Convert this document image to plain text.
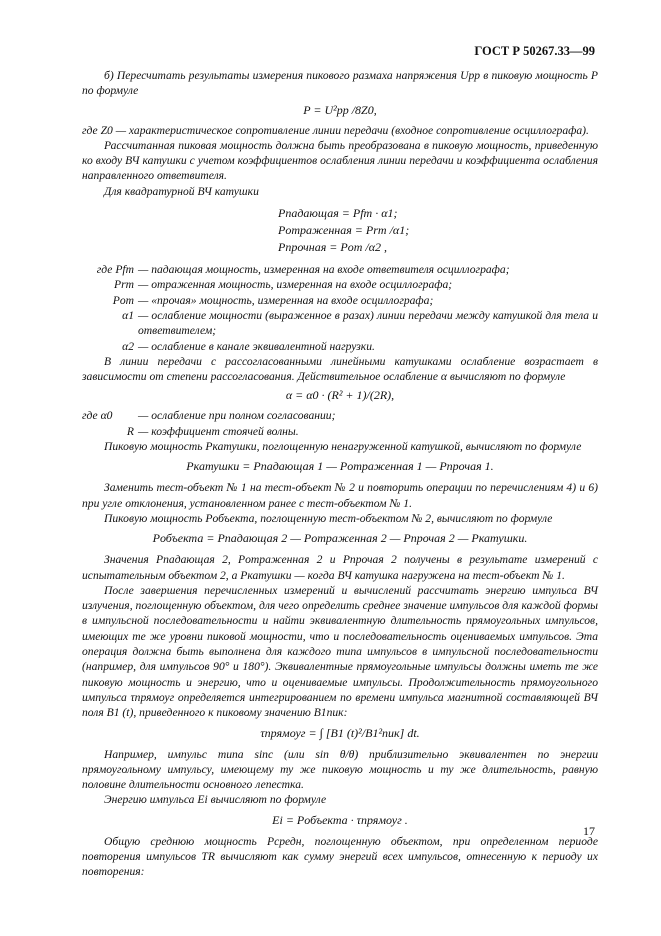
ГОСТ Р 50267.33—99

б) Пересчитать результаты измерения пикового размаха напряжения Upp в пиковую мощность P по формуле

P = U²pp /8Z0,

где Z0 — характеристическое сопротивление линии передачи (входное сопротивление осциллографа).

Рассчитанная пиковая мощность должна быть преобразована в пиковую мощность, приведенную ко входу ВЧ катушки с учетом коэффициентов ослабления линии передачи и коэффициента ослабления направленного ответвителя.

Для квадратурной ВЧ катушки

Pпадающая = Pfm · α1;
Pотраженная = Prm /α1;
Pпрочная = Pот /α2 ,
где Pfm — падающая мощность, измеренная на входе ответвителя осциллографа;
Prm — отраженная мощность, измеренная на входе осциллографа;
Pот — «прочая» мощность, измеренная на входе осциллографа;
α1 — ослабление мощности (выраженное в разах) линии передачи между катушкой для тела и ответвителем;
α2 — ослабление в канале эквивалентной нагрузки.

В линии передачи с рассогласованными линейными катушками ослабление возрастает в зависимости от степени рассогласования. Действительное ослабление α вычисляют по формуле

α = α0 · (R² + 1)/(2R),
где α0	— ослабление при полном согласовании;
R — коэффициент стоячей волны.

Пиковую мощность Pкатушки, поглощенную ненагруженной катушкой, вычисляют по формуле

Pкатушки = Pпадающая 1 — Pотраженная 1 — Pпрочая 1.

Заменить тест-объект № 1 на тест-объект № 2 и повторить операции по перечислениям 4) и 6) при угле отклонения, установленном ранее с тест-объектом № 1.

Пиковую мощность Pобъекта, поглощенную тест-объектом № 2, вычисляют по формуле

Pобъекта = Pпадающая 2 — Pотраженная 2 — Pпрочая 2 — Pкатушки.

Значения Pпадающая 2, Pотраженная 2 и Pпрочая 2 получены в результате измерений с испытательным объектом 2, а Pкатушки — когда ВЧ катушка нагружена на тест-объект № 1.

После завершения перечисленных измерений и вычислений рассчитать энергию импульса ВЧ излучения, поглощенную объектом, для чего определить среднее значение импульсов для каждой формы в импульсной последовательности и найти эквивалентную длительность прямоугольных импульсов, имеющих те же уровни пиковой мощности, что и последовательность оцениваемых импульсов. Эта операция должна быть выполнена для каждого типа импульсов в импульсной последовательности (например, для импульсов 90° и 180°). Эквивалентные прямоугольные импульсы должны иметь те же пиковую мощность и энергию, что и оцениваемые импульсы. Продолжительность прямоугольного импульса τпрямоуг определяется интегрированием по времени импульса магнитной составляющей ВЧ поля B1 (t), приведенного к пиковому значению B1пик:

τпрямоуг = ∫ [B1 (t)²/B1²пик] dt.

Например, импульс типа sinc (или sin θ/θ) приблизительно эквивалентен по энергии прямоугольному импульсу, имеющему ту же пиковую мощность и ту же длительность, равную половине длительности основного лепестка.

Энергию импульса Ei вычисляют по формуле

Ei = Pобъекта · τпрямоуг .

Общую среднюю мощность Pсредн, поглощенную объектом, при определенном периоде повторения импульсов TR вычисляют как сумму энергий всех импульсов, отнесенную к периоду их повторения:

17
